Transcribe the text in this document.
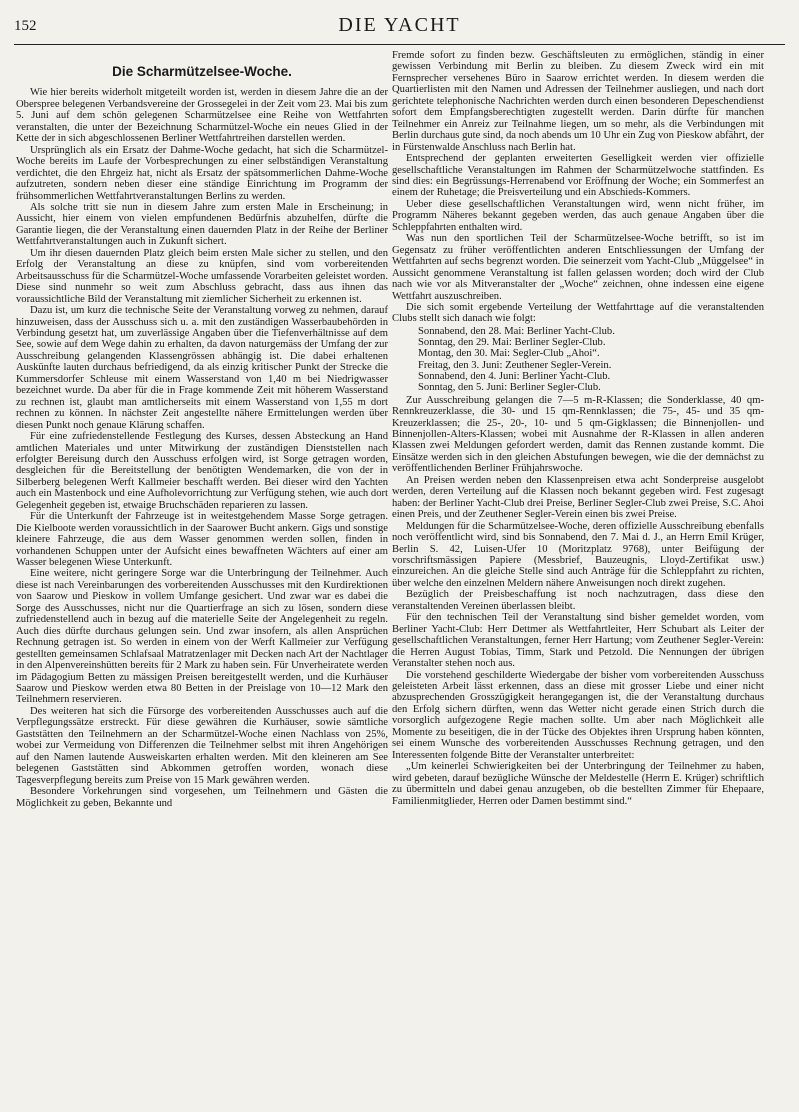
152	DIE YACHT
Die Scharmützelsee-Woche.

Wie hier bereits widerholt mitgeteilt worden ist, werden in diesem Jahre die an der Oberspree belegenen Verbandsvereine der Grossegelei in der Zeit vom 23. Mai bis zum 5. Juni auf dem schön gelegenen Scharmützelsee eine Reihe von Wettfahrten veranstalten, die unter der Bezeichnung Scharmützel-Woche ein neues Glied in der Kette der in sich abgeschlossenen Berliner Wettfahrtreihen darstellen werden.

Ursprünglich als ein Ersatz der Dahme-Woche gedacht, hat sich die Scharmützel-Woche bereits im Laufe der Vorbesprechungen zu einer selbständigen Veranstaltung verdichtet, die den Ehrgeiz hat, nicht als Ersatz der spätsommerlichen Dahme-Woche aufzutreten, sondern neben dieser eine ständige Einrichtung im Programm der frühsommerlichen Wettfahrtveranstaltungen Berlins zu werden.

Als solche tritt sie nun in diesem Jahre zum ersten Male in Erscheinung; in Aussicht, hier einem von vielen empfundenen Bedürfnis abzuhelfen, dürfte die Garantie liegen, die der Veranstaltung einen dauernden Platz in der Reihe der Berliner Wettfahrtveranstaltungen auch in Zukunft sichert.

Um ihr diesen dauernden Platz gleich beim ersten Male sicher zu stellen, und den Erfolg der Veranstaltung an diese zu knüpfen, sind vom vorbereitenden Arbeitsausschuss für die Scharmützel-Woche umfassende Vorarbeiten geleistet worden. Diese sind nunmehr so weit zum Abschluss gebracht, dass aus ihnen das voraussichtliche Bild der Veranstaltung mit ziemlicher Sicherheit zu erkennen ist.

Dazu ist, um kurz die technische Seite der Veranstaltung vorweg zu nehmen, darauf hinzuweisen, dass der Ausschuss sich u. a. mit den zuständigen Wasserbaubehörden in Verbindung gesetzt hat, um zuverlässige Angaben über die Tiefenverhältnisse auf dem See, sowie auf dem Wege dahin zu erhalten, da davon naturgemäss der Umfang der zur Ausschreibung gelangenden Klassengrössen abhängig ist. Die dabei erhaltenen Auskünfte lauten durchaus befriedigend, da als einzig kritischer Punkt der Strecke die Kummersdorfer Schleuse mit einem Wasserstand von 1,40 m bei Niedrigwasser bezeichnet wurde. Da aber für die in Frage kommende Zeit mit höherem Wasserstand zu rechnen ist, glaubt man amtlicherseits mit einem Wasserstand von 1,55 m dort rechnen zu können. In nächster Zeit angestellte nähere Ermittelungen werden über diesen Punkt noch genaue Klärung schaffen.

Für eine zufriedenstellende Festlegung des Kurses, dessen Absteckung an Hand amtlichen Materiales und unter Mitwirkung der zuständigen Dienststellen nach erfolgter Bereisung durch den Ausschuss erfolgen wird, ist Sorge getragen worden, desgleichen für die Bereitstellung der benötigten Wendemarken, die von der in Silberberg belegenen Werft Kallmeier beschafft werden. Bei dieser wird den Yachten auch ein Mastenbock und eine Aufholevorrichtung zur Verfügung stehen, wie auch dort Gelegenheit gegeben ist, etwaige Bruchschäden reparieren zu lassen.

Für die Unterkunft der Fahrzeuge ist in weitestgehendem Masse Sorge getragen. Die Kielboote werden voraussichtlich in der Saarower Bucht ankern. Gigs und sonstige kleinere Fahrzeuge, die aus dem Wasser genommen werden sollen, finden in vorhandenen Schuppen unter der Aufsicht eines bewaffneten Wächters auf einer am Wasser belegenen Wiese Unterkunft.

Eine weitere, nicht geringere Sorge war die Unterbringung der Teilnehmer. Auch diese ist nach Vereinbarungen des vorbereitenden Ausschusses mit den Kurdirektionen von Saarow und Pieskow in vollem Umfange gesichert. Und zwar war es dabei die Sorge des Ausschusses, nicht nur die Quartierfrage an sich zu lösen, sondern diese zufriedenstellend auch in bezug auf die materielle Seite der Angelegenheit zu regeln. Auch dies dürfte durchaus gelungen sein. Und zwar insofern, als allen Ansprüchen Rechnung getragen ist. So werden in einem von der Werft Kallmeier zur Verfügung gestellten gemeinsamen Schlafsaal Matratzenlager mit Decken nach Art der Nachtlager in den Alpenvereinshütten bereits für 2 Mark zu haben sein. Für Unverheiratete werden im Pädagogium Betten zu mässigen Preisen bereitgestellt werden, und die Kurhäuser Saarow und Pieskow werden etwa 80 Betten in der Preislage von 10—12 Mark den Teilnehmern reservieren.

Des weiteren hat sich die Fürsorge des vorbereitenden Ausschusses auch auf die Verpflegungssätze erstreckt. Für diese gewähren die Kurhäuser, sowie sämtliche Gaststätten den Teilnehmern an der Scharmützel-Woche einen Nachlass von 25%, wobei zur Vermeidung von Differenzen die Teilnehmer selbst mit ihren Angehörigen auf den Namen lautende Ausweiskarten erhalten werden. Mit den kleineren am See belegenen Gaststätten sind Abkommen getroffen worden, wonach diese Tagesverpflegung bereits zum Preise von 15 Mark gewähren werden.

Besondere Vorkehrungen sind vorgesehen, um Teilnehmern und Gästen die Möglichkeit zu geben, Bekannte und

Fremde sofort zu finden bezw. Geschäftsleuten zu ermöglichen, ständig in einer gewissen Verbindung mit Berlin zu bleiben. Zu diesem Zweck wird ein mit Fernsprecher versehenes Büro in Saarow errichtet werden. In diesem werden die Quartierlisten mit den Namen und Adressen der Teilnehmer ausliegen, und nach dort gerichtete telephonische Nachrichten werden durch einen besonderen Depeschendienst sofort dem Empfangsberechtigten zugestellt werden. Darin dürfte für manchen Teilnehmer ein Anreiz zur Teilnahme liegen, um so mehr, als die Verbindungen mit Berlin durchaus gute sind, da noch abends um 10 Uhr ein Zug von Pieskow abfährt, der in Fürstenwalde Anschluss nach Berlin hat.

Entsprechend der geplanten erweiterten Geselligkeit werden vier offizielle gesellschaftliche Veranstaltungen im Rahmen der Scharmützelwoche stattfinden. Es sind dies: ein Begrüssungs-Herrenabend vor Eröffnung der Woche; ein Sommerfest an einem der Ruhetage; die Preisverteilung und ein Abschieds-Kommers.

Ueber diese gesellschaftlichen Veranstaltungen wird, wenn nicht früher, im Programm Näheres bekannt gegeben werden, das auch genaue Angaben über die Schleppfahrten enthalten wird.

Was nun den sportlichen Teil der Scharmützelsee-Woche betrifft, so ist im Gegensatz zu früher veröffentlichten anderen Entschliessungen der Umfang der Wettfahrten auf sechs begrenzt worden. Die seinerzeit vom Yacht-Club „Müggelsee“ in Aussicht genommene Veranstaltung ist fallen gelassen worden; doch wird der Club nach wie vor als Mitveranstalter der „Woche“ zeichnen, ohne indessen eine eigene Wettfahrt auszuschreiben.

Die sich somit ergebende Verteilung der Wettfahrttage auf die veranstaltenden Clubs stellt sich danach wie folgt:

Sonnabend, den 28. Mai: Berliner Yacht-Club.
Sonntag, den 29. Mai: Berliner Segler-Club.
Montag, den 30. Mai: Segler-Club „Ahoi“.
Freitag, den 3. Juni: Zeuthener Segler-Verein.
Sonnabend, den 4. Juni: Berliner Yacht-Club.
Sonntag, den 5. Juni: Berliner Segler-Club.

Zur Ausschreibung gelangen die 7—5 m-R-Klassen; die Sonderklasse, 40 qm-Rennkreuzerklasse, die 30- und 15 qm-Rennklassen; die 75-, 45- und 35 qm-Kreuzerklassen; die 25-, 20-, 10- und 5 qm-Gigklassen; die Binnenjollen- und Binnenjollen-Alters-Klassen; wobei mit Ausnahme der R-Klassen in allen anderen Klassen zwei Meldungen gefordert werden, damit das Rennen zustande kommt. Die Einsätze werden sich in den gleichen Abstufungen bewegen, wie die der demnächst zu veröffentlichenden Berliner Frühjahrswoche.

An Preisen werden neben den Klassenpreisen etwa acht Sonderpreise ausgelobt werden, deren Verteilung auf die Klassen noch bekannt gegeben wird. Fest zugesagt haben: der Berliner Yacht-Club drei Preise, Berliner Segler-Club zwei Preise, S.C. Ahoi einen Preis, und der Zeuthener Segler-Verein einen bis zwei Preise.

Meldungen für die Scharmützelsee-Woche, deren offizielle Ausschreibung ebenfalls noch veröffentlicht wird, sind bis Sonnabend, den 7. Mai d. J., an Herrn Emil Krüger, Berlin S. 42, Luisen-Ufer 10 (Moritzplatz 9768), unter Beifügung der vorschriftsmässigen Papiere (Messbrief, Bauzeugnis, Lloyd-Zertifikat usw.) einzureichen. An die gleiche Stelle sind auch Anträge für die Schleppfahrt zu richten, über welche den einzelnen Meldern nähere Anweisungen noch direkt zugehen.

Bezüglich der Preisbeschaffung ist noch nachzutragen, dass diese den veranstaltenden Vereinen überlassen bleibt.

Für den technischen Teil der Veranstaltung sind bisher gemeldet worden, vom Berliner Yacht-Club: Herr Dettmer als Wettfahrtleiter, Herr Schubart als Leiter der gesellschaftlichen Veranstaltungen, ferner Herr Hartung; vom Zeuthener Segler-Verein: die Herren August Tobias, Timm, Stark und Petzold. Die Nennungen der übrigen Veranstalter stehen noch aus.

Die vorstehend geschilderte Wiedergabe der bisher vom vorbereitenden Ausschuss geleisteten Arbeit lässt erkennen, dass an diese mit grosser Liebe und einer nicht abzusprechenden Grosszügigkeit herangegangen ist, die der Veranstaltung durchaus den Erfolg sichern dürften, wenn das Wetter nicht gerade einen Strich durch die vorsorglich aufgezogene Regie machen sollte. Um aber nach Möglichkeit alle Momente zu beseitigen, die in der Tücke des Objektes ihren Ursprung haben könnten, sei einem Wunsche des vorbereitenden Ausschusses Rechnung getragen, und den Interessenten folgende Bitte der Veranstalter unterbreitet:

„Um keinerlei Schwierigkeiten bei der Unterbringung der Teilnehmer zu haben, wird gebeten, darauf bezügliche Wünsche der Meldestelle (Herrn E. Krüger) schriftlich zu übermitteln und dabei genau anzugeben, ob die bestellten Zimmer für Ehepaare, Familienmitglieder, Herren oder Damen bestimmt sind.“
